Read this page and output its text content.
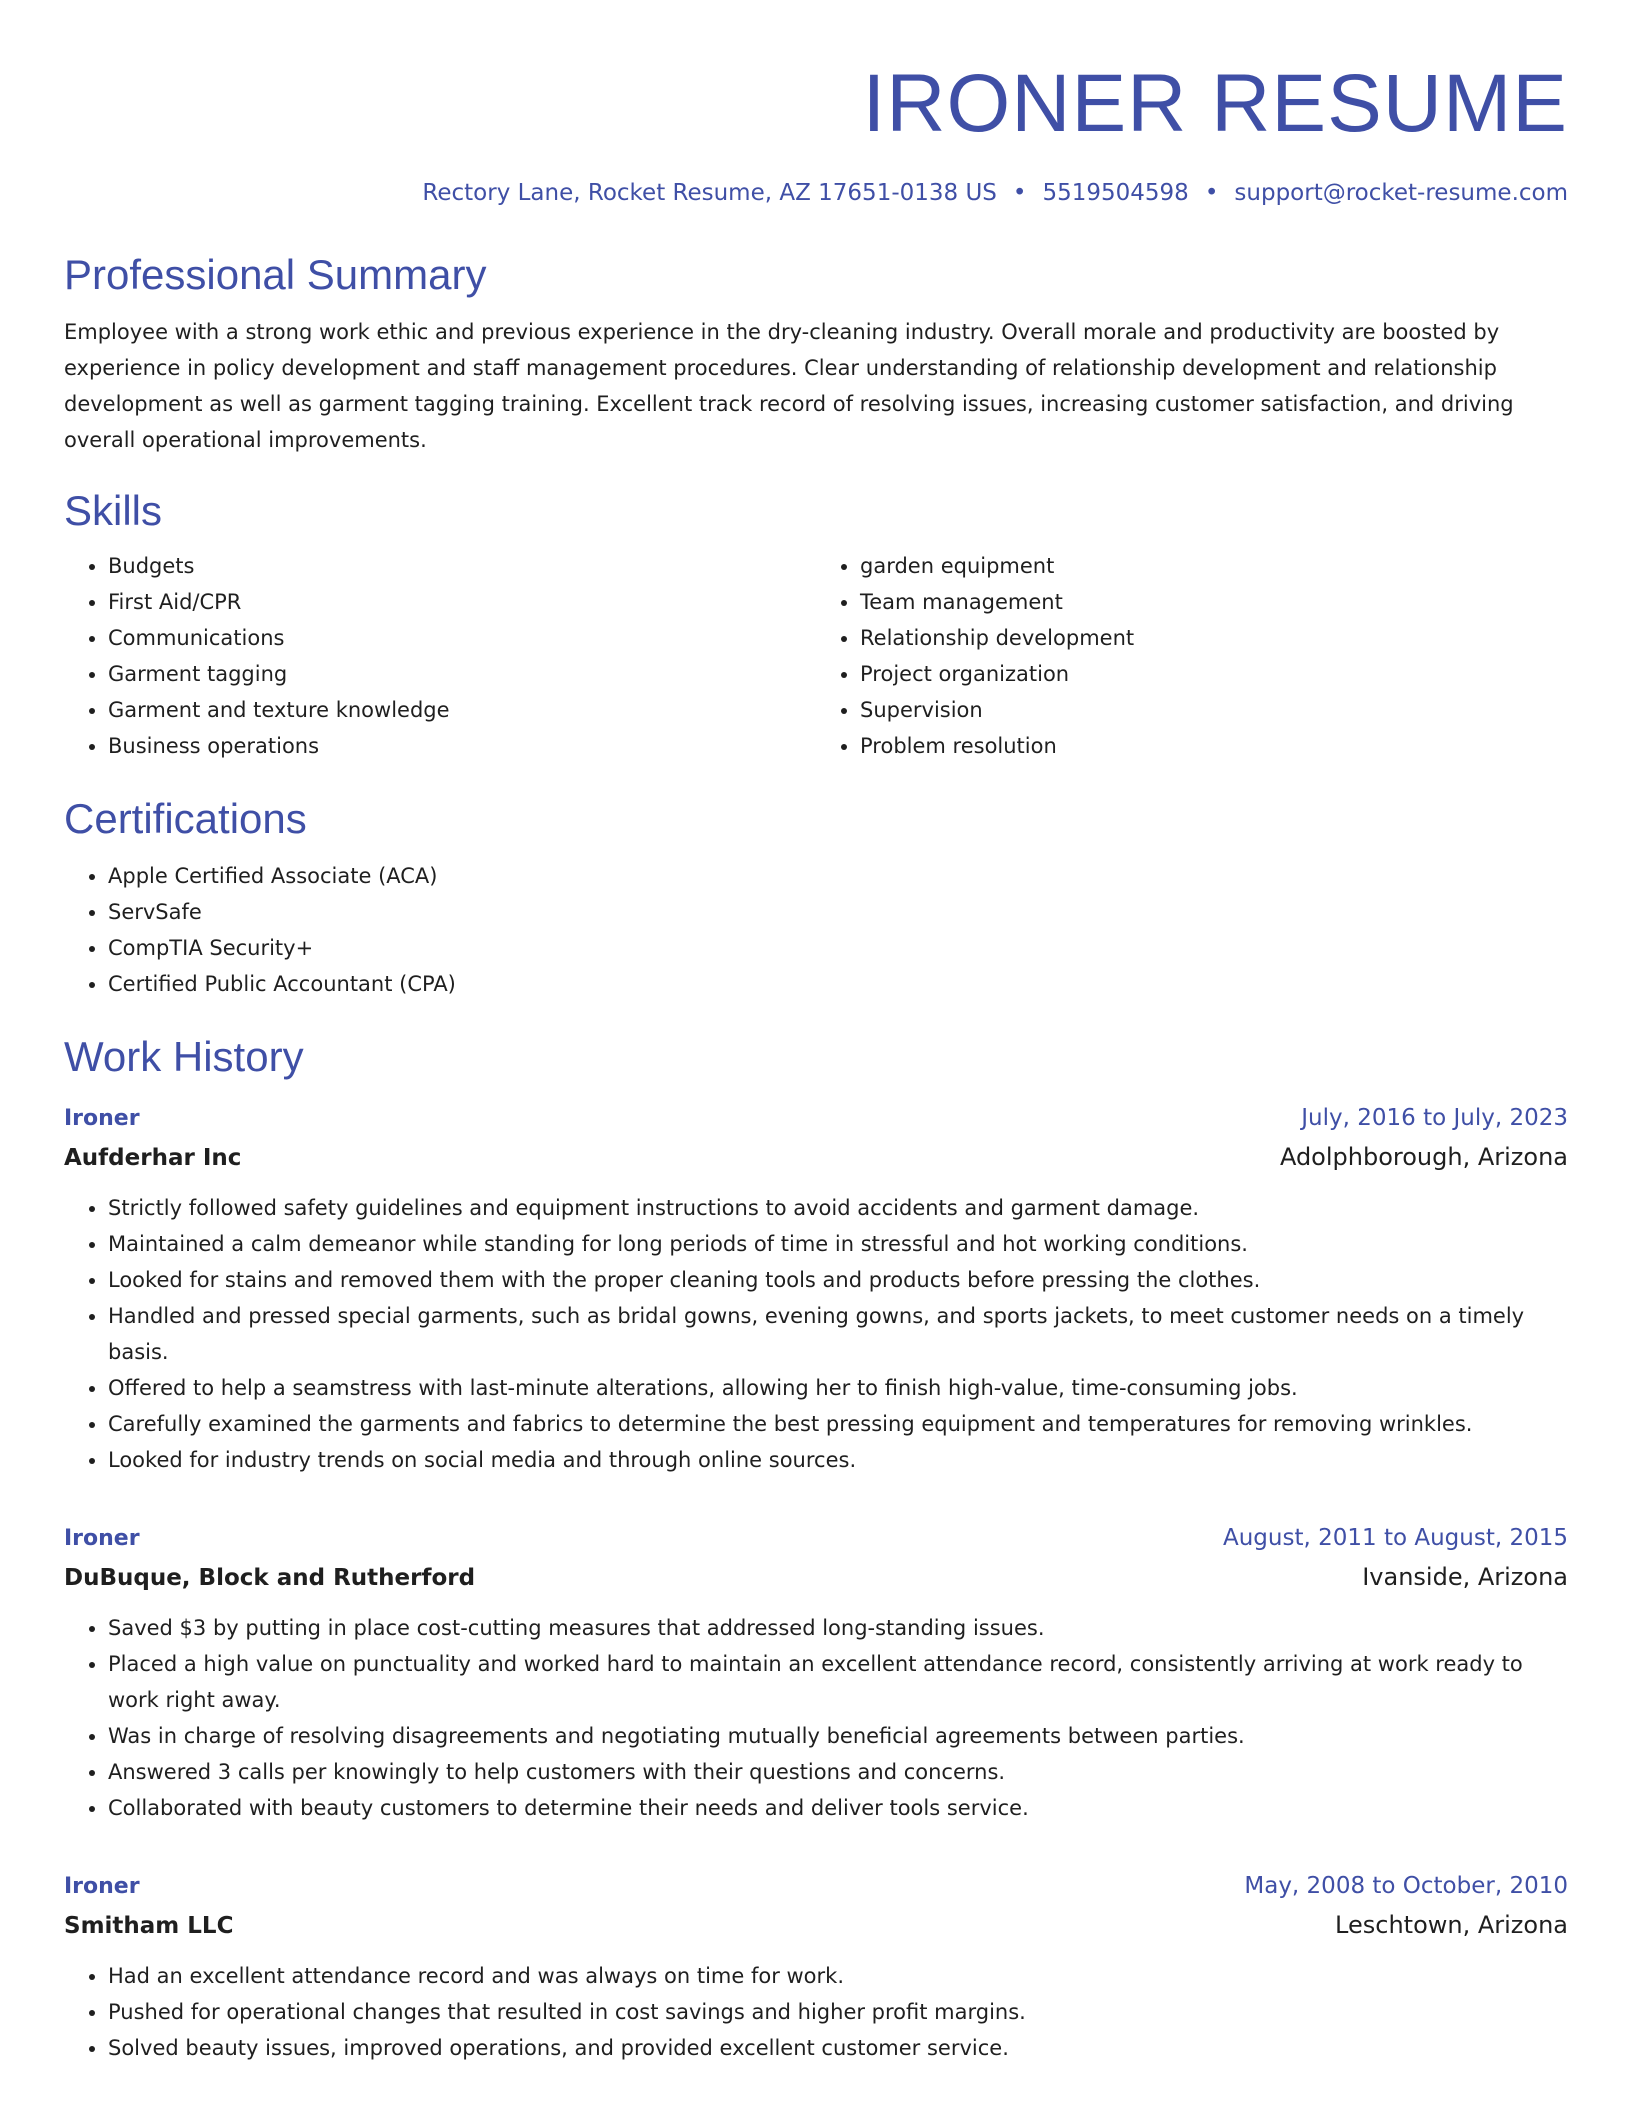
IRONER RESUME
Rectory Lane, Rocket Resume, AZ 17651-0138 US • 5519504598 • support@rocket-resume.com
Professional Summary

Employee with a strong work ethic and previous experience in the dry-cleaning industry. Overall morale and productivity are boosted by experience in policy development and staff management procedures. Clear understanding of relationship development and relationship development as well as garment tagging training. Excellent track record of resolving issues, increasing customer satisfaction, and driving overall operational improvements.

Skills
• Budgets
• First Aid/CPR
• Communications
• Garment tagging
• Garment and texture knowledge
• Business operations
• garden equipment
• Team management
• Relationship development
• Project organization
• Supervision
• Problem resolution
Certifications
• Apple Certified Associate (ACA)
• ServSafe
• CompTIA Security+
• Certified Public Accountant (CPA)
Work History
Ironer	July, 2016 to July, 2023
Aufderhar Inc	Adolphborough, Arizona
• Strictly followed safety guidelines and equipment instructions to avoid accidents and garment damage.
• Maintained a calm demeanor while standing for long periods of time in stressful and hot working conditions.
• Looked for stains and removed them with the proper cleaning tools and products before pressing the clothes.
• Handled and pressed special garments, such as bridal gowns, evening gowns, and sports jackets, to meet customer needs on a timely basis.
• Offered to help a seamstress with last-minute alterations, allowing her to finish high-value, time-consuming jobs.
• Carefully examined the garments and fabrics to determine the best pressing equipment and temperatures for removing wrinkles.
• Looked for industry trends on social media and through online sources.
Ironer	August, 2011 to August, 2015
DuBuque, Block and Rutherford	Ivanside, Arizona
• Saved $3 by putting in place cost-cutting measures that addressed long-standing issues.
• Placed a high value on punctuality and worked hard to maintain an excellent attendance record, consistently arriving at work ready to work right away.
• Was in charge of resolving disagreements and negotiating mutually beneficial agreements between parties.
• Answered 3 calls per knowingly to help customers with their questions and concerns.
• Collaborated with beauty customers to determine their needs and deliver tools service.
Ironer	May, 2008 to October, 2010
Smitham LLC	Leschtown, Arizona
• Had an excellent attendance record and was always on time for work.
• Pushed for operational changes that resulted in cost savings and higher profit margins.
• Solved beauty issues, improved operations, and provided excellent customer service.
